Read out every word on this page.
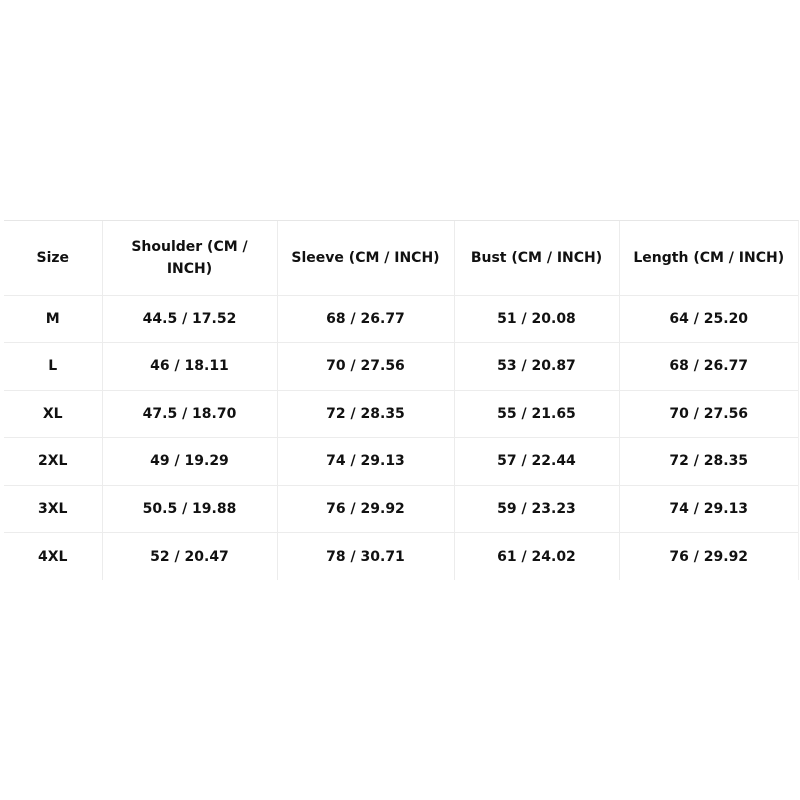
Size	Shoulder (CM / INCH)	Sleeve (CM / INCH)	Bust (CM / INCH)	Length (CM / INCH)
M	44.5 / 17.52	68 / 26.77	51 / 20.08	64 / 25.20
L	46 / 18.11	70 / 27.56	53 / 20.87	68 / 26.77
XL	47.5 / 18.70	72 / 28.35	55 / 21.65	70 / 27.56
2XL	49 / 19.29	74 / 29.13	57 / 22.44	72 / 28.35
3XL	50.5 / 19.88	76 / 29.92	59 / 23.23	74 / 29.13
4XL	52 / 20.47	78 / 30.71	61 / 24.02	76 / 29.92
